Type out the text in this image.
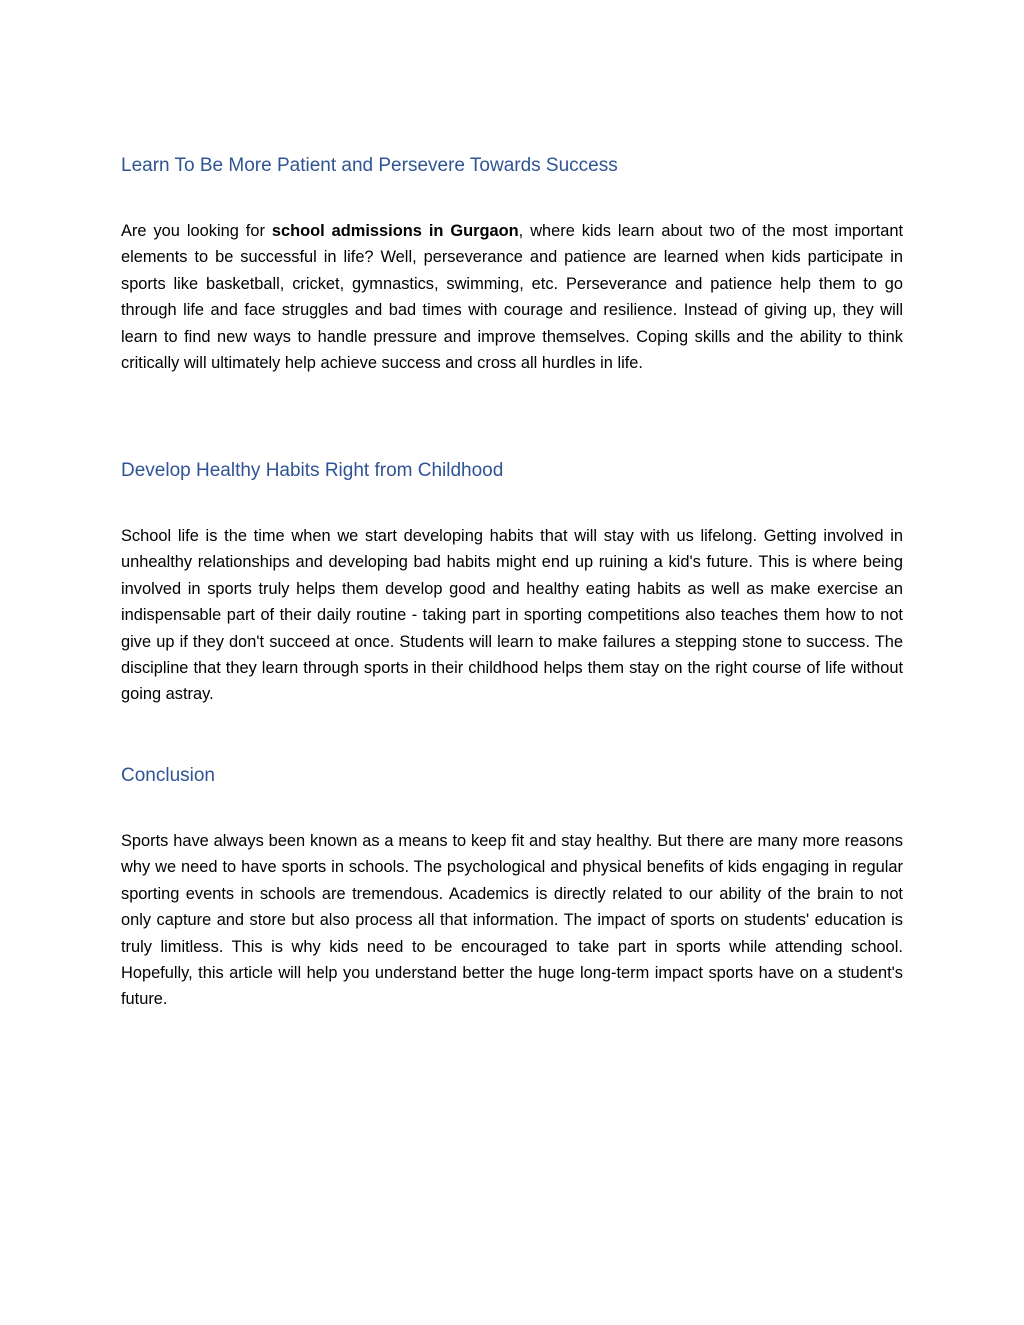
Learn To Be More Patient and Persevere Towards Success

Are you looking for school admissions in Gurgaon, where kids learn about two of the most important elements to be successful in life? Well, perseverance and patience are learned when kids participate in sports like basketball, cricket, gymnastics, swimming, etc. Perseverance and patience help them to go through life and face struggles and bad times with courage and resilience. Instead of giving up, they will learn to find new ways to handle pressure and improve themselves. Coping skills and the ability to think critically will ultimately help achieve success and cross all hurdles in life.

Develop Healthy Habits Right from Childhood

School life is the time when we start developing habits that will stay with us lifelong. Getting involved in unhealthy relationships and developing bad habits might end up ruining a kid's future. This is where being involved in sports truly helps them develop good and healthy eating habits as well as make exercise an indispensable part of their daily routine - taking part in sporting competitions also teaches them how to not give up if they don't succeed at once. Students will learn to make failures a stepping stone to success. The discipline that they learn through sports in their childhood helps them stay on the right course of life without going astray.

Conclusion

Sports have always been known as a means to keep fit and stay healthy. But there are many more reasons why we need to have sports in schools. The psychological and physical benefits of kids engaging in regular sporting events in schools are tremendous. Academics is directly related to our ability of the brain to not only capture and store but also process all that information. The impact of sports on students' education is truly limitless. This is why kids need to be encouraged to take part in sports while attending school. Hopefully, this article will help you understand better the huge long-term impact sports have on a student's future.
